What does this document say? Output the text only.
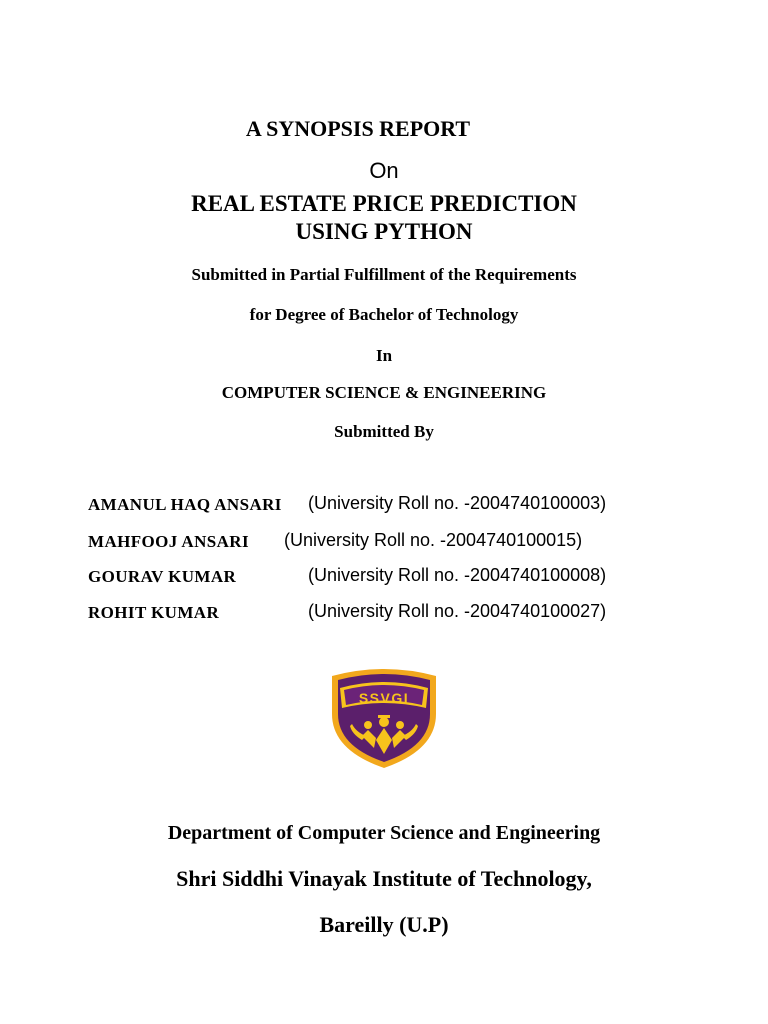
A SYNOPSIS REPORT
On
REAL ESTATE PRICE PREDICTION
USING PYTHON
Submitted in Partial Fulfillment of the Requirements
for Degree of Bachelor of Technology
In
COMPUTER SCIENCE & ENGINEERING
Submitted By
AMANUL HAQ ANSARI (University Roll no. -2004740100003)
MAHFOOJ ANSARI (University Roll no. -2004740100015)
GOURAV KUMAR	(University Roll no. -2004740100008)
ROHIT KUMAR	(University Roll no. -2004740100027)
SSVGI
Department of Computer Science and Engineering
Shri Siddhi Vinayak Institute of Technology,
Bareilly (U.P)
